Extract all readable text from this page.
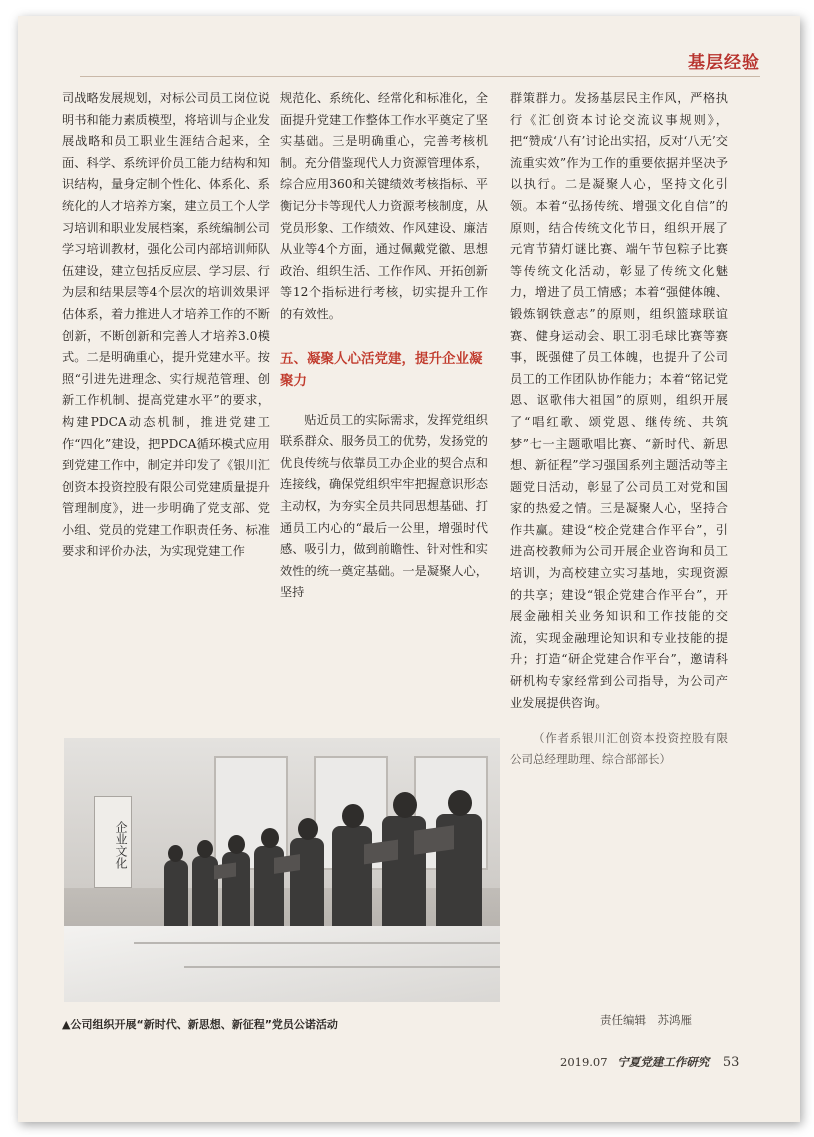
基层经验

司战略发展规划，对标公司员工岗位说明书和能力素质模型，将培训与企业发展战略和员工职业生涯结合起来，全面、科学、系统评价员工能力结构和知识结构，量身定制个性化、体系化、系统化的人才培养方案，建立员工个人学习培训和职业发展档案，系统编制公司学习培训教材，强化公司内部培训师队伍建设，建立包括反应层、学习层、行为层和结果层等4个层次的培训效果评估体系，着力推进人才培养工作的不断创新，不断创新和完善人才培养3.0模式。二是明确重心，提升党建水平。按照“引进先进理念、实行规范管理、创新工作机制、提高党建水平”的要求，构建PDCA动态机制，推进党建工作“四化”建设，把PDCA循环模式应用到党建工作中，制定并印发了《银川汇创资本投资控股有限公司党建质量提升管理制度》，进一步明确了党支部、党小组、党员的党建工作职责任务、标准要求和评价办法，为实现党建工作

规范化、系统化、经常化和标准化，全面提升党建工作整体工作水平奠定了坚实基础。三是明确重心，完善考核机制。充分借鉴现代人力资源管理体系，综合应用360和关键绩效考核指标、平衡记分卡等现代人力资源考核制度，从党员形象、工作绩效、作风建设、廉洁从业等4个方面，通过佩戴党徽、思想政治、组织生活、工作作风、开拓创新等12个指标进行考核，切实提升工作的有效性。

五、凝聚人心活党建，提升企业凝聚力

贴近员工的实际需求，发挥党组织联系群众、服务员工的优势，发扬党的优良传统与依靠员工办企业的契合点和连接线，确保党组织牢牢把握意识形态主动权，为夯实全员共同思想基础、打通员工内心的“最后一公里，增强时代感、吸引力，做到前瞻性、针对性和实效性的统一奠定基础。一是凝聚人心，坚持

群策群力。发扬基层民主作风，严格执行《汇创资本讨论交流议事规则》，把“赞成‘八有’讨论出实招，反对‘八无’交流重实效”作为工作的重要依据并坚决予以执行。二是凝聚人心，坚持文化引领。本着“弘扬传统、增强文化自信”的原则，结合传统文化节日，组织开展了元宵节猜灯谜比赛、端午节包粽子比赛等传统文化活动，彰显了传统文化魅力，增进了员工情感；本着“强健体魄、锻炼钢铁意志”的原则，组织篮球联谊赛、健身运动会、职工羽毛球比赛等赛事，既强健了员工体魄，也提升了公司员工的工作团队协作能力；本着“铭记党恩、讴歌伟大祖国”的原则，组织开展了“唱红歌、颂党恩、继传统、共筑梦”七一主题歌唱比赛、“新时代、新思想、新征程”学习强国系列主题活动等主题党日活动，彰显了公司员工对党和国家的热爱之情。三是凝聚人心，坚持合作共赢。建设“校企党建合作平台”，引进高校教师为公司开展企业咨询和员工培训，为高校建立实习基地，实现资源的共享；建设“银企党建合作平台”，开展金融相关业务知识和工作技能的交流，实现金融理论知识和专业技能的提升；打造“研企党建合作平台”，邀请科研机构专家经常到公司指导，为公司产业发展提供咨询。

（作者系银川汇创资本投资控股有限公司总经理助理、综合部部长）

企业文化
▲公司组织开展“新时代、新思想、新征程”党员公诺活动	责任编辑　苏鸿雁
2019.07 宁夏党建工作研究 53
